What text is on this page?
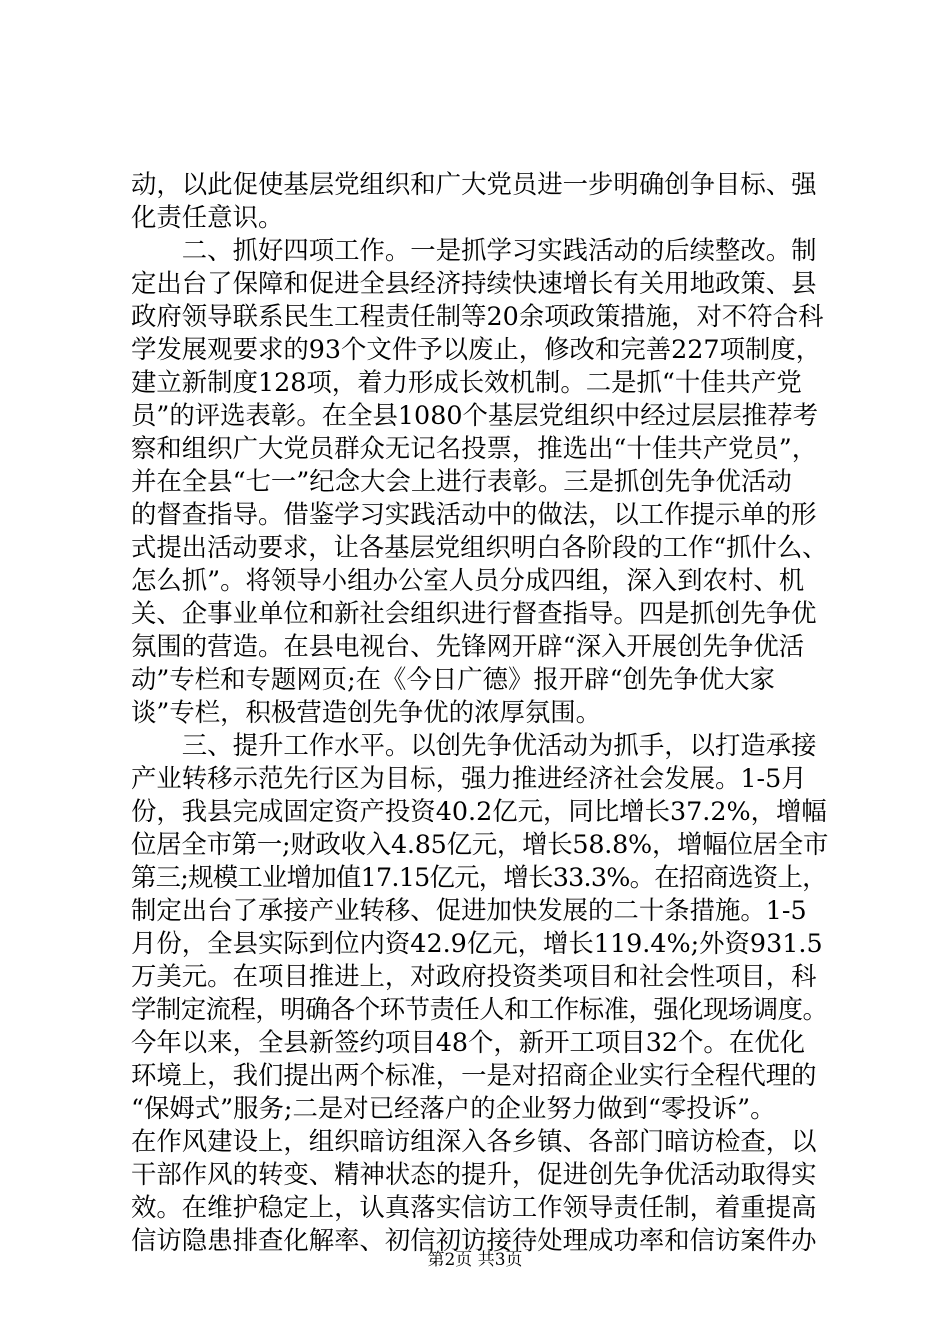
动，以此促使基层党组织和广大党员进一步明确创争目标、强
化责任意识。
　　二、抓好四项工作。一是抓学习实践活动的后续整改。制
定出台了保障和促进全县经济持续快速增长有关用地政策、县
政府领导联系民生工程责任制等20余项政策措施，对不符合科
学发展观要求的93个文件予以废止，修改和完善227项制度，
建立新制度128项，着力形成长效机制。二是抓“十佳共产党
员”的评选表彰。在全县1080个基层党组织中经过层层推荐考
察和组织广大党员群众无记名投票，推选出“十佳共产党员”，
并在全县“七一”纪念大会上进行表彰。三是抓创先争优活动
的督查指导。借鉴学习实践活动中的做法，以工作提示单的形
式提出活动要求，让各基层党组织明白各阶段的工作“抓什么、
怎么抓”。将领导小组办公室人员分成四组，深入到农村、机
关、企事业单位和新社会组织进行督查指导。四是抓创先争优
氛围的营造。在县电视台、先锋网开辟“深入开展创先争优活
动”专栏和专题网页;在《今日广德》报开辟“创先争优大家
谈”专栏，积极营造创先争优的浓厚氛围。
　　三、提升工作水平。以创先争优活动为抓手，以打造承接
产业转移示范先行区为目标，强力推进经济社会发展。1-5月
份，我县完成固定资产投资40.2亿元，同比增长37.2%，增幅
位居全市第一;财政收入4.85亿元，增长58.8%，增幅位居全市
第三;规模工业增加值17.15亿元，增长33.3%。在招商选资上，
制定出台了承接产业转移、促进加快发展的二十条措施。1-5
月份，全县实际到位内资42.9亿元，增长119.4%;外资931.5
万美元。在项目推进上，对政府投资类项目和社会性项目，科
学制定流程，明确各个环节责任人和工作标准，强化现场调度。
今年以来，全县新签约项目48个，新开工项目32个。在优化
环境上，我们提出两个标准，一是对招商企业实行全程代理的
“保姆式”服务;二是对已经落户的企业努力做到“零投诉”。
在作风建设上，组织暗访组深入各乡镇、各部门暗访检查，以
干部作风的转变、精神状态的提升，促进创先争优活动取得实
效。在维护稳定上，认真落实信访工作领导责任制，着重提高
信访隐患排查化解率、初信初访接待处理成功率和信访案件办
第2页 共3页
